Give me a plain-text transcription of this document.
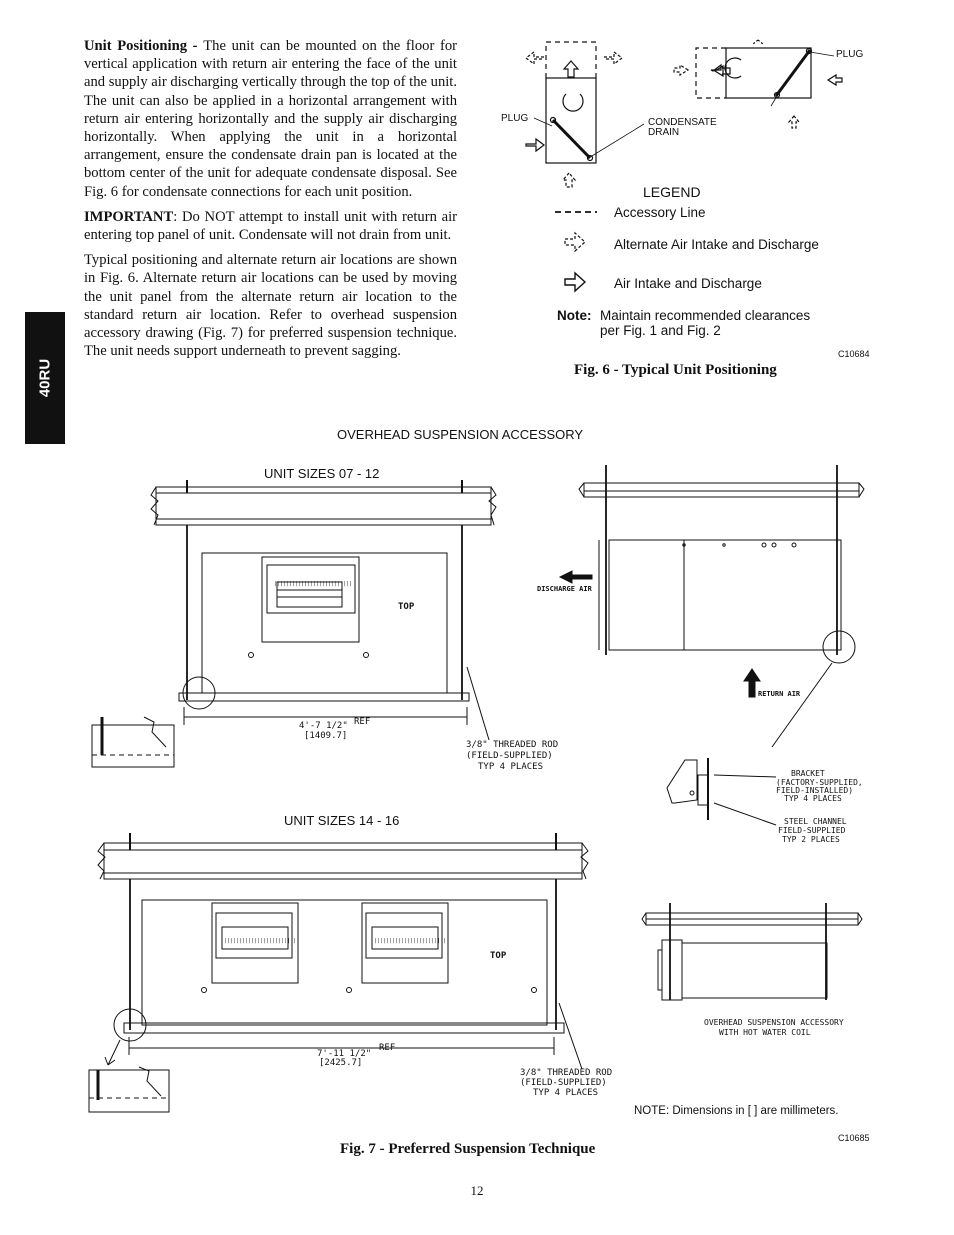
40RU

Unit Positioning - The unit can be mounted on the floor for vertical application with return air entering the face of the unit and supply air discharging vertically through the top of the unit. The unit can also be applied in a horizontal arrangement with return air entering horizontally and the supply air discharging horizontally. When applying the unit in a horizontal arrangement, ensure the condensate drain pan is located at the bottom center of the unit for adequate condensate disposal. See Fig. 6 for condensate connections for each unit position.

IMPORTANT: Do NOT attempt to install unit with return air entering top panel of unit. Condensate will not drain from unit.

Typical positioning and alternate return air locations are shown in Fig. 6. Alternate return air locations can be used by moving the unit panel from the alternate return air location to the standard return air location. Refer to overhead suspension accessory drawing (Fig. 7) for preferred suspension technique. The unit needs support underneath to prevent sagging.

PLUG	CONDENSATE
DRAIN
PLUG
LEGEND
Accessory Line
Alternate Air Intake and Discharge
Air Intake and Discharge
Note: Maintain recommended clearances
per Fig. 1 and Fig. 2
C10684
Fig. 6 - Typical Unit Positioning
OVERHEAD SUSPENSION ACCESSORY
UNIT SIZES 07 - 12
||||||||||||||||||||||||||
TOP
4'-7 1/2" REF
[1409.7]
3/8" THREADED ROD
(FIELD-SUPPLIED)
TYP 4 PLACES
DISCHARGE AIR
RETURN AIR
BRACKET
(FACTORY-SUPPLIED,
FIELD-INSTALLED)
TYP 4 PLACES
STEEL CHANNEL
FIELD-SUPPLIED
TYP 2 PLACES
UNIT SIZES 14 - 16
||||||||||||||||||||||||	||||||||||||||||||||||||
TOP
7'-11 1/2"
REF
[2425.7]
3/8" THREADED ROD
(FIELD-SUPPLIED)
TYP 4 PLACES
OVERHEAD SUSPENSION ACCESSORY
WITH HOT WATER COIL
NOTE: Dimensions in [ ] are millimeters.
C10685
Fig. 7 - Preferred Suspension Technique
12
